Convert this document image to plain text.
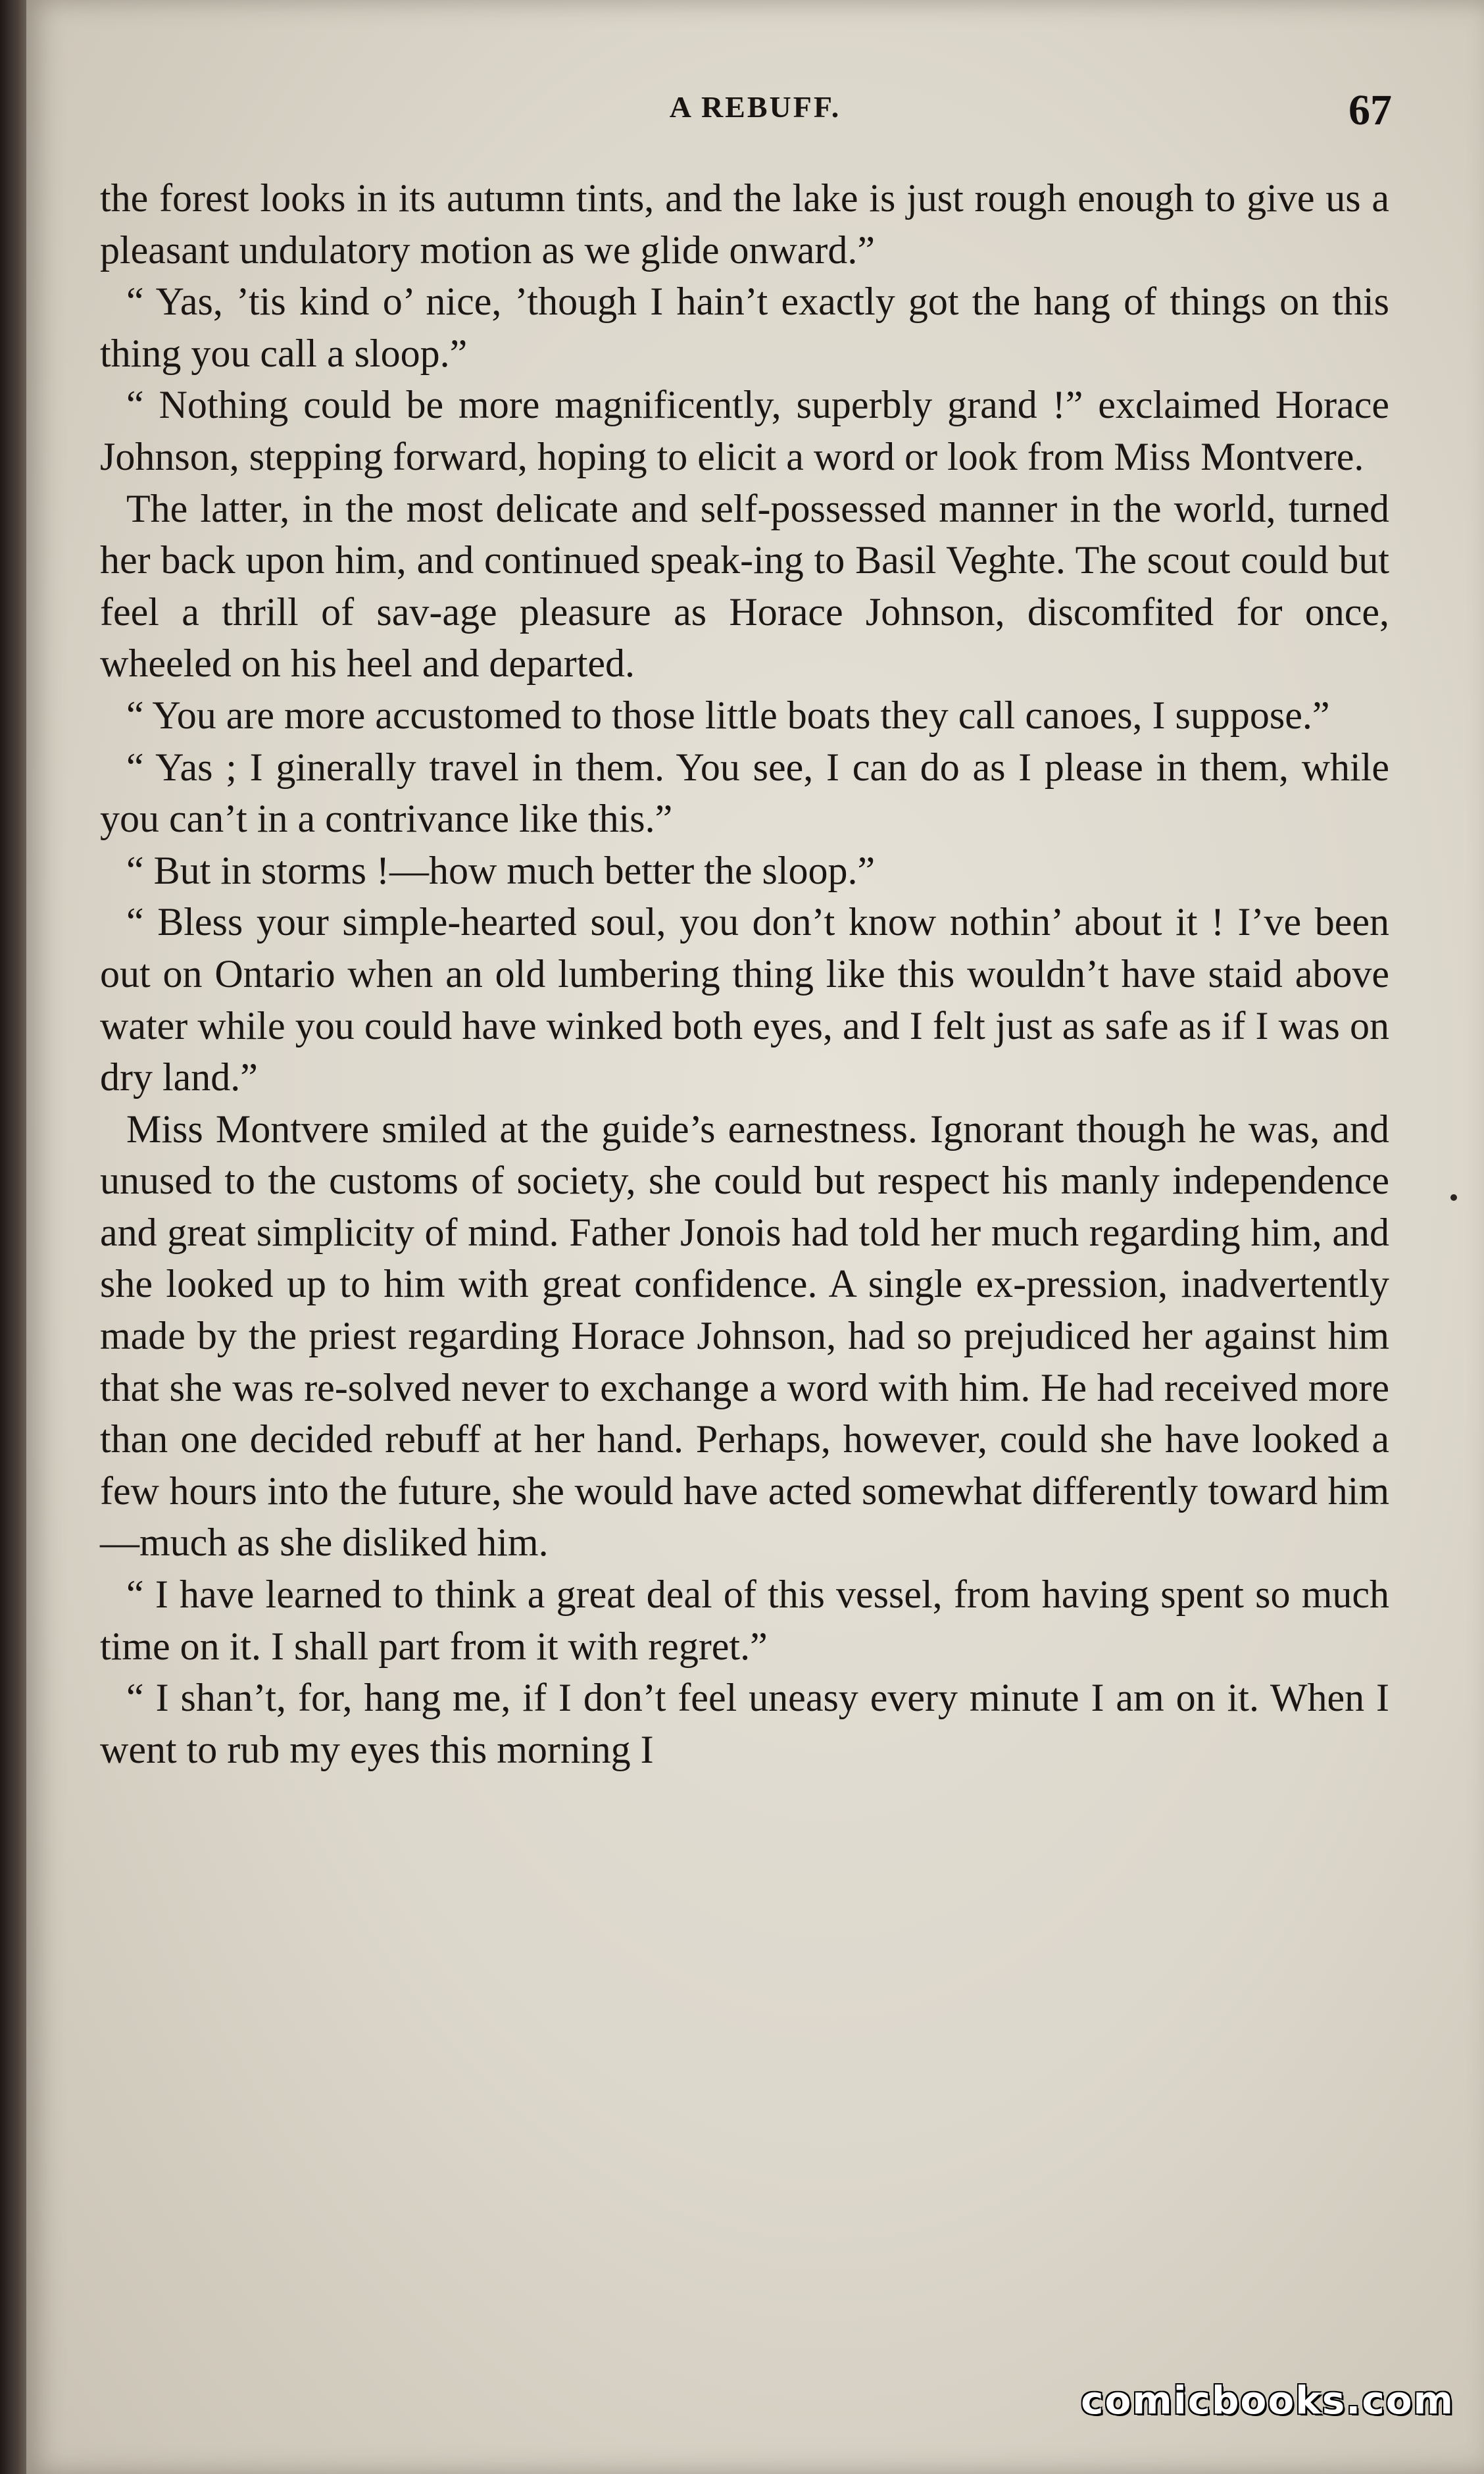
A REBUFF.	67

the forest looks in its autumn tints, and the lake is just rough enough to give us a pleasant undulatory motion as we glide onward.”

“ Yas, ’tis kind o’ nice, ’though I hain’t exactly got the hang of things on this thing you call a sloop.”

“ Nothing could be more magnificently, superbly grand !” exclaimed Horace Johnson, stepping forward, hoping to elicit a word or look from Miss Montvere.

The latter, in the most delicate and self-possessed manner in the world, turned her back upon him, and continued speak-ing to Basil Veghte. The scout could but feel a thrill of sav-age pleasure as Horace Johnson, discomfited for once, wheeled on his heel and departed.

“ You are more accustomed to those little boats they call canoes, I suppose.”

“ Yas ; I ginerally travel in them. You see, I can do as I please in them, while you can’t in a contrivance like this.”

“ But in storms !—how much better the sloop.”

“ Bless your simple-hearted soul, you don’t know nothin’ about it ! I’ve been out on Ontario when an old lumbering thing like this wouldn’t have staid above water while you could have winked both eyes, and I felt just as safe as if I was on dry land.”

Miss Montvere smiled at the guide’s earnestness. Ignorant though he was, and unused to the customs of society, she could but respect his manly independence and great simplicity of mind. Father Jonois had told her much regarding him, and she looked up to him with great confidence. A single ex-pression, inadvertently made by the priest regarding Horace Johnson, had so prejudiced her against him that she was re-solved never to exchange a word with him. He had received more than one decided rebuff at her hand. Perhaps, however, could she have looked a few hours into the future, she would have acted somewhat differently toward him—much as she disliked him.

“ I have learned to think a great deal of this vessel, from having spent so much time on it. I shall part from it with regret.”

“ I shan’t, for, hang me, if I don’t feel uneasy every minute I am on it. When I went to rub my eyes this morning I

comicbooks.com
